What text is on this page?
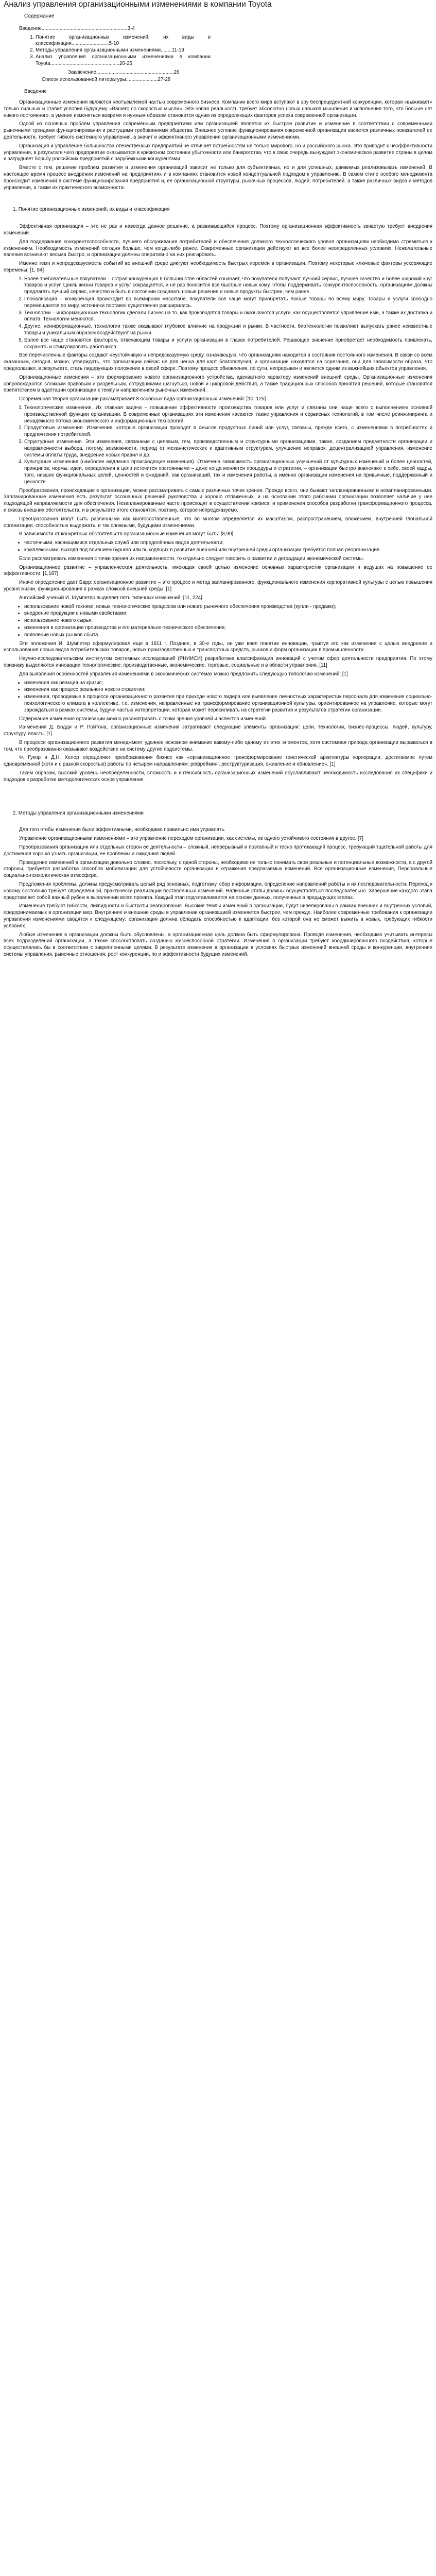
Анализ управления организационными изменениями в компании Toyota
Содержание
Введение..............................................................3-4
1. Понятие организационных изменений, их виды и классификация...........................5-10
2. Методы управления организационными изменениями........11-19
3. Анализ управления организационными изменениями в компании Toyota..................................................20-25

Заключение........................................................26

Список использованной литературы.......................27-28

Введение

Организационные изменения являются неотъемлемой частью современного бизнеса. Компании всего мира вступают в эру беспрецедентной конкуренции, которая «выживает» только сильных и ставит условия будущему «Вашего со скоростью мысли». Эта новая реальность требует абсолютно новых навыков мышления и исполнения того, что больше нет никого постоянного, а умение изменяться вовремя и нужным образом становится одним из определяющих факторов успеха современной организации.

Одной из основных проблем управления современным предприятием или организацией является их быстрое развитие и изменение в соответствии с современными рыночными трендами функционирования и растущими требованиями общества. Внешнее условие функционирования современной организации касается различных показателей ее деятельности, требует гибкого системного управления, а значит и эффективного управления организационными изменениями.

Организация и управление большинства отечественных предприятий не отличает потребностям не только мирового, но и российского рынка. Это приводит к неэффективности управления, в результате чего предприятие оказывается в кризисном состоянии убыточности или банкротства, что в свою очередь вынуждает экономическое развитие страны в целом и затрудняет борьбу российских предприятий с зарубежными конкурентами.

Вместе с тем, решение проблем развития и изменения организаций зависит не только для субъективных, но и для успешных, движимых реализовывать изменений. В настоящее время процесс внедрения изменений на предприятиях и в компаниях становится новой концептуальной подходом к управлению. В самом стиле особого менеджмента происходит изменений в системе функционирования предприятия и, ее организационной структуры, рыночных процессов, людей, потребителей, а также различных видов и методов управления, а также их практического возможности.

1. Понятие организационных изменений, их виды и классификация

Эффективная организация – это не раз и навсегда данное решение, а развивающийся процесс. Поэтому организационная эффективность зачастую требует внедрения изменений.

Для поддержания конкурентоспособности, лучшего обслуживания потребителей и обеспечения должного технологического уровня организациям необходимо стремиться к изменениям. Необходимость изменений сегодня больше, чем когда-либо ранее. Современные организации действуют во все более неопределенных условиях. Нежелательные явления возникают весьма быстро, и организации должны оперативно на них реагировать.

Именно темп и непредсказуемость событий во внешней среде диктуют необходимость быстрых перемен в организации. Поэтому некоторые ключевые факторы ускоряющие перемены: [1, 84]

1. Более требовательные покупатели – острая конкуренция в большинстве областей означает, что покупатели получают лучший сервис, лучшее качество и более широкий круг товаров и услуг. Цикль жизни товаров и услуг сокращается, и не раз поносится все быстрые новых кому, чтобы поддерживать конкурентоспособность, организациям должны предлагать лучший сервис, качество и быть в состоянии создавать новые решения и новые продукты быстрее, чем ранее.
2. Глобализация – конкуренция происходит во всемирном масштабе, покупатели все чаще могут приобретать любые товары по всему миру. Товары и услуги свободно перемещаются по миру, источники поставок существенно расширились.
3. Технологии – информационные технологии сделали бизнес на то, как производятся товары и оказываются услуги, как осуществляется управление ими, а также их доставка и оплата. Технологии меняются.
4. Другие, неинформационные, технологии также оказывают глубокое влияние на продукции и рынки. В частности, биотехнологии позволяют выпускать ранее неизвестные товары и уникальным образом воздействуют на рынки.
5. Более все чаще становятся фактором, отвечающим товары и услуги организации в глазах потребителей. Решающее значение приобретает необходимость привлекать, сохранять и стимулировать работников.

Все перечисленные факторы создают неустойчивую и непредсказуемую среду, означающую, что организациям находится в состоянии постоянного изменения. В связи со всем сказанным, сегодня, можно, утверждать, что организации сейчас не для ценна для карт благополучия, и организации находятся на сорезания, они для зависимости образа, что предполагают, в результате, стать лидирующих положение в своей сфере. Поэтому процесс обновления, по сути, непрерывен и является одним из важнейших объектов управления.

Организационные изменения – это формирование нового организационного устройства, адекватного характеру изменений внешней среды. Организационные изменения сопровождаются сложным правовым и раздельным, сотрудниками шагнуться, новой и цифровой действия, а также традиционных способов принятия решений, которые становятся препятствием в адаптации организации к темпу и направлениям рыночных изменений.

Современная теория организации рассматривает 8 основных вида организационных изменений: [10, 125]

1. Технологические изменения. Их главная задача – повышение эффективности производства товаров или услуг и связаны они чаще всего с выполнением основной производственной функции организации. В современных организациях эти изменения касаются также управления и сервисных технологий, в том числе реинжиниринга и ненадежного потока экономического и информационных технологий.
2. Продуктовые изменения. Изменения, которые организации проходят в смысле продуктных линий или услуг, связаны, прежде всего, с изменениями в потребностях и предпочтения потребителей.
3. Структурные изменения. Эти изменения, связанные с целевым, тем, производственным и структурными организациями, также, созданием предметности организации и направленности выбора, потому, возможности, период от механистических к адаптивным структурам, улучшение неправок, децентрализацией управления, изменение системы оплаты труда, внедрение новых правил и др.
4. Культурные изменения (наиболее медленно происходящие изменения). Отмечена зависимость организационных улучшений от культурных изменений и более ценностей, принципов, нормы, идеи, определения в цели источится постоянными – даже когда меняется процедуры и стратегии, – организации быстро вовлекают к себе, своей кадры, того, низших функциональных целей, ценностей и ожиданий, как организаций, так и изменения работы, а именно организации изменения на привычные, поддержанный и ценности.

Преобразования, происходящие в организации, можно рассматривать с самых различных точек зрения. Прежде всего, они бывают запланированными и незапланированными. Запланированные изменения есть результат осознанных решений руководства и хорошо отлаженных, и на основании этого рабочими организации позволяет наличие у нее подходящей направляемости для обеспечения. Незапланированные часто происходят в осуществлении кризиса, и применения способов разработки трансформационного процесса, и сквозь внешних обстоятельств, и в результате этого становятся, поэтому, которое непредсказуемо.

Преобразования могут быть различными как многосоставленные, что во многом определяется их масштабом, распространением, вложением, внутренней глобальной организации, способностью выдержать, и так сложными, будущими изменениями.

В зависимости от конкретных обстоятельств организационные изменения могут быть: [8,90]

• частичными, касающимися отдельных служб или определённых видов деятельности;
• комплексными, выходя под влиянием бурного или выходящих в развитие внешней или внутренней среды организации требуется полная реорганизация.

Если рассматривать изменения с точки зрения их направленности, то отдельно следует говорить о развитии и деградации экономической системы.

Организационное развитие – управленческая деятельность, имеющая своей целью изменение основных характеристик организации и ведущих на повышение ее эффективности. [1,187]

Иначе определение дает Барр: организационное развитие – это процесс и метод запланированного, функционального изменения корпоративной культуры с целью повышения уровня жизни, функционирования в рамках сложной внешней среды. [1]

Английский ученый И. Шумпетер выделяет пять типичных изменений: [11, 224]

• использование новой техники, новых технологических процессов или нового рыночного обеспечения производства (купли - продажи);
• внедрение продукции с новыми свойствами;
• использование нового сырья;
• изменения в организации производства и его материально-технического обеспечения;
• появление новых рынков сбыта.

Эти положения И. Шумпетер сформулировал еще в 1911 г. Позднее, в 30-е годы, он уже ввел понятие инновации, трактуя его как изменение с целью внедрения и использования новых видов потребительских товаров, новых производственных и транспортных средств, рынков и форм организации в промышленности.

Научно-исследовательским институтом системных исследований (РНИИСИ) разработана классификация инноваций с учетом сфер деятельности предприятия. По этому признаку выделяются инновации технологические, производственные, экономические, торговые, социальные и в области управления. [11]

Для выявления особенностей управления изменениями в экономических системах можно предложить следующую типологию изменений: [1]

• изменения как реакция на кризис;
• изменения как процесс реального нового стратегии;
• изменения, проводимые в процессе организационного развития при приходе нового лидера или выявление личностных характеристик персонала для изменения социально-психологического климата в коллективе, т.е. изменения, направленные на трансформирование организационной культуры, ориентированное на управление, которые могут зарождаться в рамках системы, будучи частью интерпретации, которая может пересиливать на стратегии развития и результатов стратегии организации.

Содержание изменения организации можно рассматривать с точки зрения уровней и аспектов изменений.

Из-менения Д. Бодди и Р. Пойтона, организационные изменения затрагивают следующие элементы организации: цели, технологии, бизнес-процессы, людей, культуру, структуру, власть. [1]

В процессе организационного развития менеджмент удачнее основном внимание какому-либо одному из этих элементов, хотя системная природа организации выражаться в том, что преобразования оказывают воздействие на систему другие подсистемы.

Ф. Гукор и Д.Н. Хелор определяют преобразования бизнес как «организационное трансформирование генетической архитектуры корпорации, достигаемое путем одновременной (хотя и с разной скоростью) работы по четырем направлениям: рефрейминг, реструктуризация, оживление и обновление». [1]

Таким образом, высокий уровень неопределенности, сложность и интенсивность организационных изменений обуславливают необходимость исследования их специфики и подходов к разработке методологических основ управления.

2. Методы управления организационными изменениями

Для того чтобы изменения были эффективными, необходимо правильно ими управлять.

Управление организационными изменениями – это управление переходом организации, как системы, из одного устойчивого состояния в другое. [7]

Преобразования организации или отдельных сторон ее деятельности – сложный, непрерывный и поэтапный и тесно протекающий процесс, требующий тщательной работы для достижения хорошо узнать организации, ее проблемы и ожидания людей.

Проведение изменений в организации довольно сложно, поскольку, с одной стороны, необходимо не только понимать свои реальные и потенциальные возможности, а с другой стороны, требуется разработка способов мобилизации для устойчивости организации и отражения предлагаемых изменений. Все организационные изменения, Персональные социально-психологическая атмосфера.

Предложения проблемы, должны предусматривать целый ряд основных, подготовку, сбор информации, определение направлений работы и их последовательности. Переход к новому состоянию требует определенной, практически реализации поставленных изменений. Наличные этапы должны осуществляться последовательно. Завершение каждого этапа представляет собой важный рубеж в выполнении всего проекта. Каждый этап подготавливается на основе данных, полученных в предыдущих этапах.

Изменения требуют гибкости, ликвидности и быстроты реагирования. Высокие темпы изменений в организации, будут нивелированы в рамках внешних и внутренних условий, предпринимаемых в организации мер. Внутренние и внешние среды в управлении организацией изменяется быстрее, чем прежде. Наиболее современные требования к организации управления изменениями сводятся к следующему: организация должна обладать способностью к адаптации, без которой она не сможет выжить в новых, требующих гибкости условиях.

Любые изменения в организации должны быть обусловлены, а организационная цель должна быть сформулирована. Проводя изменения, необходимо учитывать интересы всех подразделений организации, а также способствовать созданию жизнеспособной стратегии. Изменения в организации требуют координированного воздействия, которые осуществлялись бы в соответствии с закрепленными целями. В результате изменения в организации в условиях быстрых изменений внешней среды и конкуренции, внутренние системы управления, рыночные отношения, рост конкуренции, по и эффективности будущих изменений.
